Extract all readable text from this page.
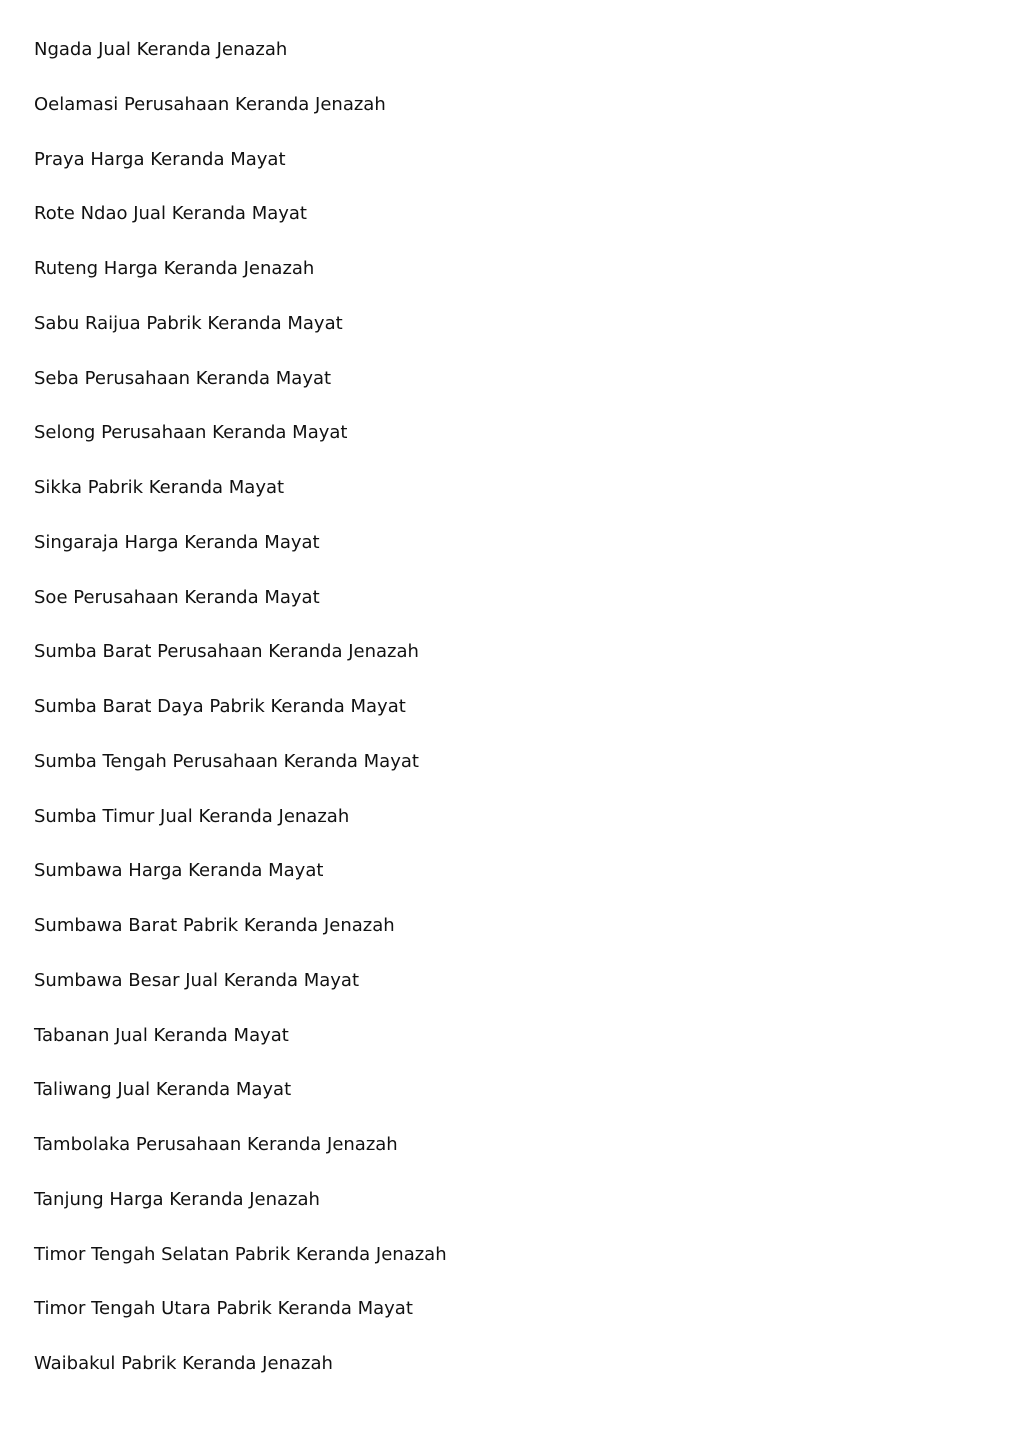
Ngada Jual Keranda Jenazah
Oelamasi Perusahaan Keranda Jenazah
Praya Harga Keranda Mayat
Rote Ndao Jual Keranda Mayat
Ruteng Harga Keranda Jenazah
Sabu Raijua Pabrik Keranda Mayat
Seba Perusahaan Keranda Mayat
Selong Perusahaan Keranda Mayat
Sikka Pabrik Keranda Mayat
Singaraja Harga Keranda Mayat
Soe Perusahaan Keranda Mayat
Sumba Barat Perusahaan Keranda Jenazah
Sumba Barat Daya Pabrik Keranda Mayat
Sumba Tengah Perusahaan Keranda Mayat
Sumba Timur Jual Keranda Jenazah
Sumbawa Harga Keranda Mayat
Sumbawa Barat Pabrik Keranda Jenazah
Sumbawa Besar Jual Keranda Mayat
Tabanan Jual Keranda Mayat
Taliwang Jual Keranda Mayat
Tambolaka Perusahaan Keranda Jenazah
Tanjung Harga Keranda Jenazah
Timor Tengah Selatan Pabrik Keranda Jenazah
Timor Tengah Utara Pabrik Keranda Mayat
Waibakul Pabrik Keranda Jenazah
